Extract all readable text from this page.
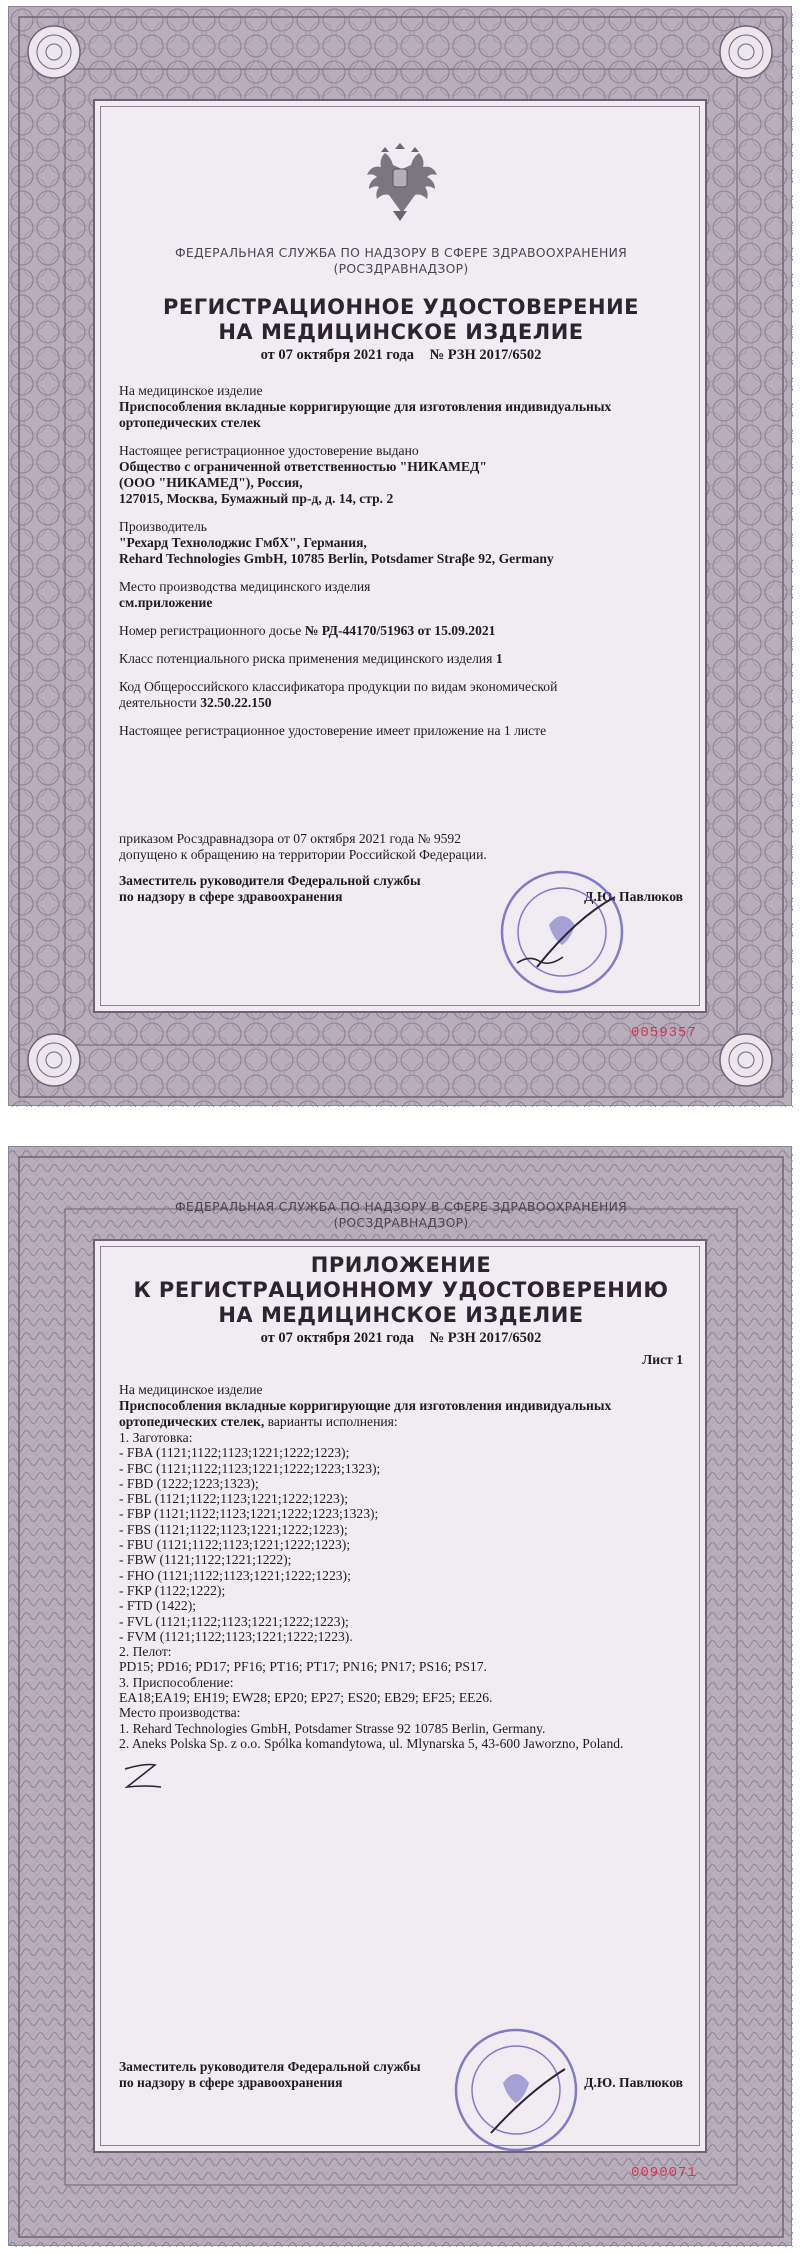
ФЕДЕРАЛЬНАЯ СЛУЖБА ПО НАДЗОРУ В СФЕРЕ ЗДРАВООХРАНЕНИЯ
(РОСЗДРАВНАДЗОР)
РЕГИСТРАЦИОННОЕ УДОСТОВЕРЕНИЕ
НА МЕДИЦИНСКОЕ ИЗДЕЛИЕ
от 07 октября 2021 года № РЗН 2017/6502
На медицинское изделие
Приспособления вкладные корригирующие для изготовления индивидуальных
ортопедических стелек
Настоящее регистрационное удостоверение выдано
Общество с ограниченной ответственностью "НИКАМЕД"
(ООО "НИКАМЕД"), Россия,
127015, Москва, Бумажный пр-д, д. 14, стр. 2
Производитель
"Рехард Технолоджис ГмбХ", Германия,
Rehard Technologies GmbH, 10785 Berlin, Potsdamer Straβe 92, Germany
Место производства медицинского изделия
см.приложение

Номер регистрационного досье № РД-44170/51963 от 15.09.2021

Класс потенциального риска применения медицинского изделия 1

Код Общероссийского классификатора продукции по видам экономической
деятельности 32.50.22.150

Настоящее регистрационное удостоверение имеет приложение на 1 листе

приказом Росздравнадзора от 07 октября 2021 года № 9592
допущено к обращению на территории Российской Федерации.
Заместитель руководителя Федеральной службы
по надзору в сфере здравоохранения	Д.Ю. Павлюков
0059357
ФЕДЕРАЛЬНАЯ СЛУЖБА ПО НАДЗОРУ В СФЕРЕ ЗДРАВООХРАНЕНИЯ
(РОСЗДРАВНАДЗОР)
ПРИЛОЖЕНИЕ
К РЕГИСТРАЦИОННОМУ УДОСТОВЕРЕНИЮ
НА МЕДИЦИНСКОЕ ИЗДЕЛИЕ
от 07 октября 2021 года № РЗН 2017/6502
Лист 1
На медицинское изделие
Приспособления вкладные корригирующие для изготовления индивидуальных
ортопедических стелек, варианты исполнения:
1. Заготовка:
- FBA (1121;1122;1123;1221;1222;1223);
- FBC (1121;1122;1123;1221;1222;1223;1323);
- FBD (1222;1223;1323);
- FBL (1121;1122;1123;1221;1222;1223);
- FBP (1121;1122;1123;1221;1222;1223;1323);
- FBS (1121;1122;1123;1221;1222;1223);
- FBU (1121;1122;1123;1221;1222;1223);
- FBW (1121;1122;1221;1222);
- FHO (1121;1122;1123;1221;1222;1223);
- FKP (1122;1222);
- FTD (1422);
- FVL (1121;1122;1123;1221;1222;1223);
- FVM (1121;1122;1123;1221;1222;1223).
2. Пелот:
PD15; PD16; PD17; PF16; PT16; PT17; PN16; PN17; PS16; PS17.
3. Приспособление:
EA18;EA19; EH19; EW28; EP20; EP27; ES20; EB29; EF25; EE26.
Место производства:
1. Rehard Technologies GmbH, Potsdamer Strasse 92 10785 Berlin, Germany.
2. Aneks Polska Sp. z o.o. Spólka komandytowa, ul. Mlynarska 5, 43-600 Jaworzno, Poland.
Заместитель руководителя Федеральной службы
по надзору в сфере здравоохранения	Д.Ю. Павлюков
0090071
